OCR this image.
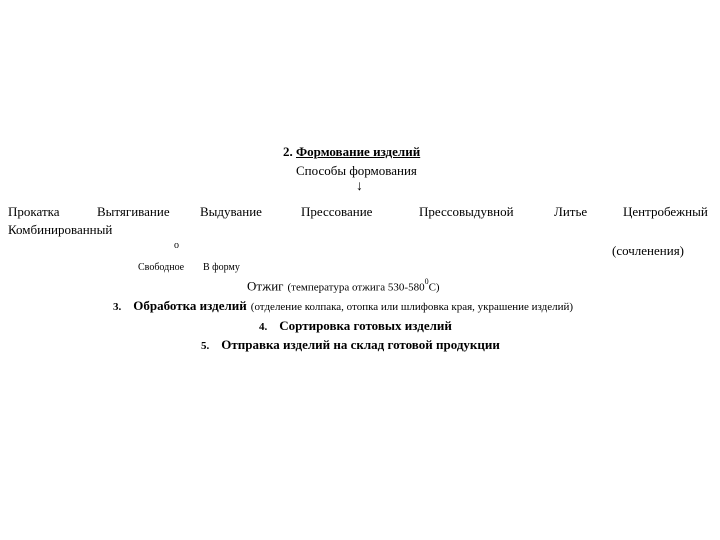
2. Формование изделий
Способы формования
↓
Прокатка	Вытягивание Выдувание	Прессование	Прессовыдувной	Литье	Центробежный
Комбинированный
о	(сочленения)
Свободное В форму
Отжиг (температура отжига $530-580^0С$)
3. Обработка изделий (отделение колпака, отопка или шлифовка края, украшение изделий)
4. Сортировка готовых изделий
5. Отправка изделий на склад готовой продукции
